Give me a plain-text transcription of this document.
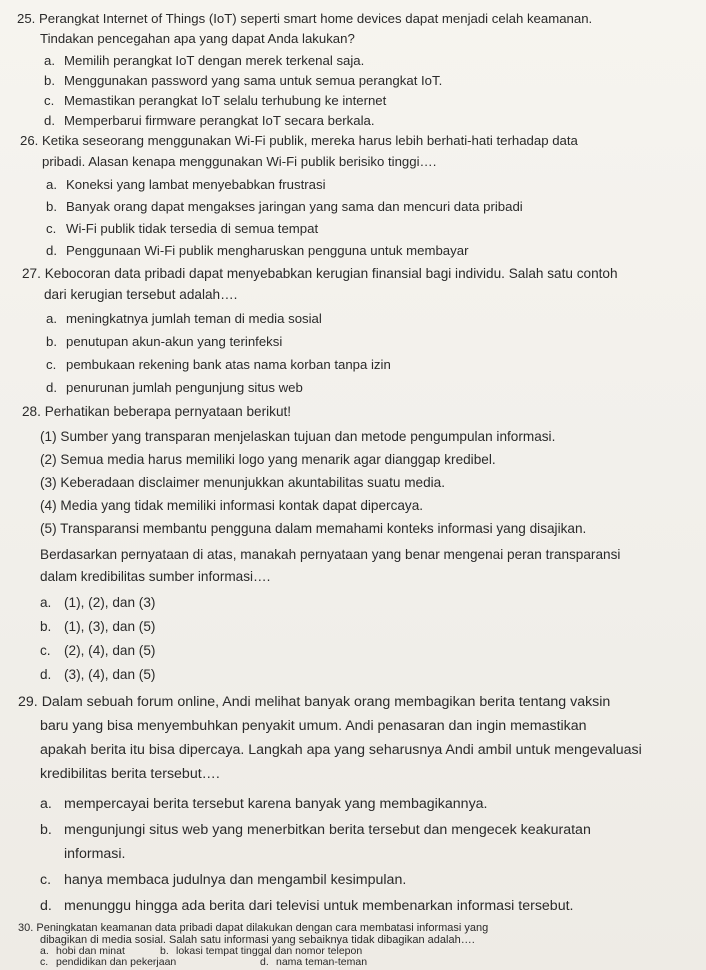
25. Perangkat Internet of Things (IoT) seperti smart home devices dapat menjadi celah keamanan.
Tindakan pencegahan apa yang dapat Anda lakukan?
a. Memilih perangkat IoT dengan merek terkenal saja.
b. Menggunakan password yang sama untuk semua perangkat IoT.
c. Memastikan perangkat IoT selalu terhubung ke internet
d. Memperbarui firmware perangkat IoT secara berkala.
26. Ketika seseorang menggunakan Wi-Fi publik, mereka harus lebih berhati-hati terhadap data
pribadi. Alasan kenapa menggunakan Wi-Fi publik berisiko tinggi….
a. Koneksi yang lambat menyebabkan frustrasi
b. Banyak orang dapat mengakses jaringan yang sama dan mencuri data pribadi
c. Wi-Fi publik tidak tersedia di semua tempat
d. Penggunaan Wi-Fi publik mengharuskan pengguna untuk membayar
27. Kebocoran data pribadi dapat menyebabkan kerugian finansial bagi individu. Salah satu contoh
dari kerugian tersebut adalah….
a. meningkatnya jumlah teman di media sosial
b. penutupan akun-akun yang terinfeksi
c. pembukaan rekening bank atas nama korban tanpa izin
d. penurunan jumlah pengunjung situs web
28. Perhatikan beberapa pernyataan berikut!
(1) Sumber yang transparan menjelaskan tujuan dan metode pengumpulan informasi.
(2) Semua media harus memiliki logo yang menarik agar dianggap kredibel.
(3) Keberadaan disclaimer menunjukkan akuntabilitas suatu media.
(4) Media yang tidak memiliki informasi kontak dapat dipercaya.
(5) Transparansi membantu pengguna dalam memahami konteks informasi yang disajikan.
Berdasarkan pernyataan di atas, manakah pernyataan yang benar mengenai peran transparansi
dalam kredibilitas sumber informasi….
a. (1), (2), dan (3)
b. (1), (3), dan (5)
c. (2), (4), dan (5)
d. (3), (4), dan (5)
29. Dalam sebuah forum online, Andi melihat banyak orang membagikan berita tentang vaksin
baru yang bisa menyembuhkan penyakit umum. Andi penasaran dan ingin memastikan
apakah berita itu bisa dipercaya. Langkah apa yang seharusnya Andi ambil untuk mengevaluasi
kredibilitas berita tersebut….
a. mempercayai berita tersebut karena banyak yang membagikannya.
b. mengunjungi situs web yang menerbitkan berita tersebut dan mengecek keakuratan
informasi.
c. hanya membaca judulnya dan mengambil kesimpulan.
d. menunggu hingga ada berita dari televisi untuk membenarkan informasi tersebut.
30. Peningkatan keamanan data pribadi dapat dilakukan dengan cara membatasi informasi yang
dibagikan di media sosial. Salah satu informasi yang sebaiknya tidak dibagikan adalah….
a. hobi dan minat	b. lokasi tempat tinggal dan nomor telepon
c. pendidikan dan pekerjaan	d. nama teman-teman
